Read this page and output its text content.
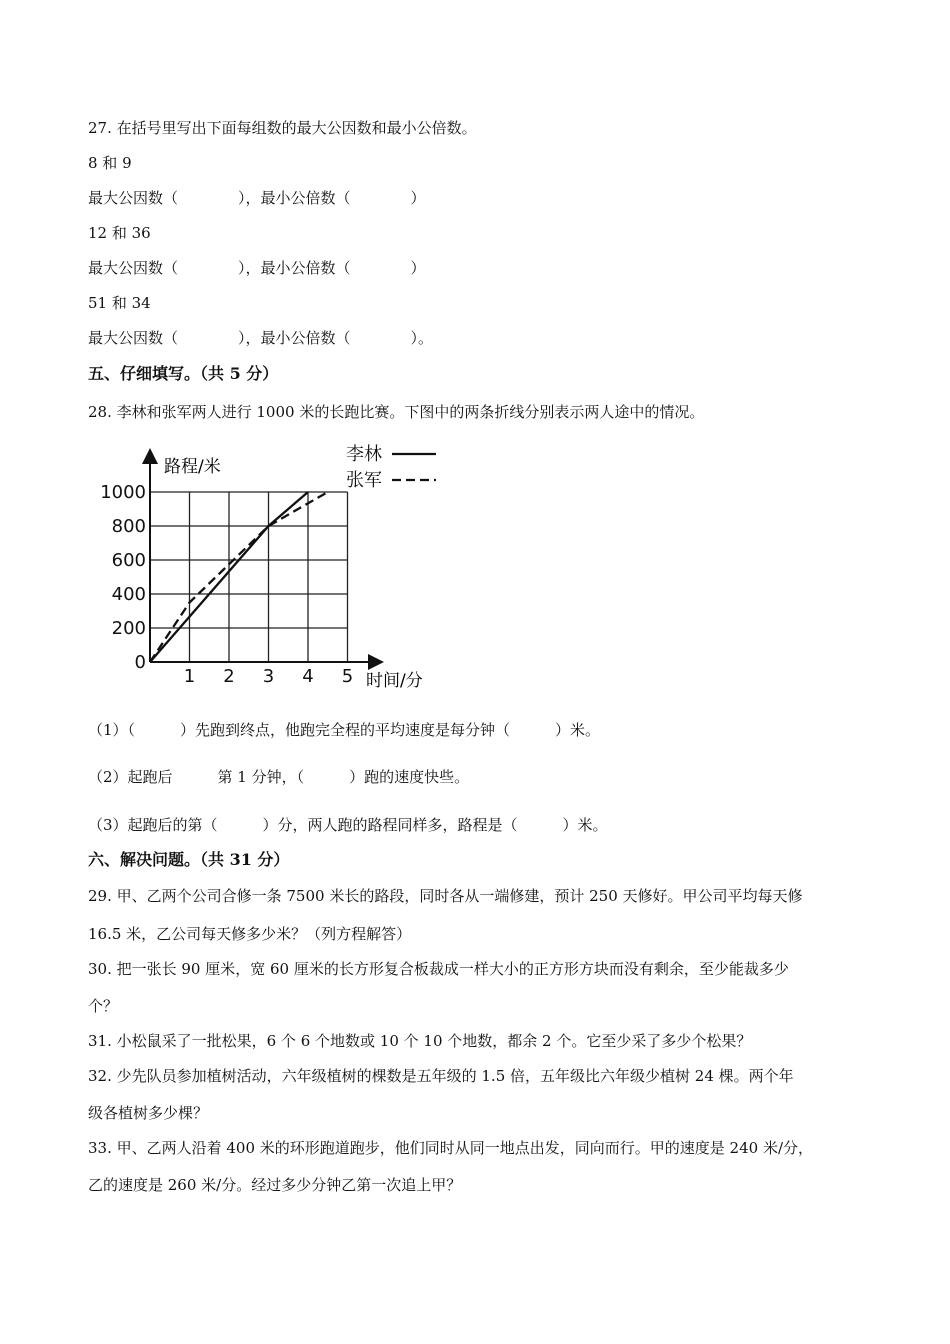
27. 在括号里写出下面每组数的最大公因数和最小公倍数。
8 和 9
最大公因数（　　　　），最小公倍数（　　　　）
12 和 36
最大公因数（　　　　），最小公倍数（　　　　）
51 和 34
最大公因数（　　　　），最小公倍数（　　　　）。
五、仔细填写。（共 5 分）
28. 李林和张军两人进行 1000 米的长跑比赛。下图中的两条折线分别表示两人途中的情况。
路程/米
时间/分
1 2 3 4 5
0
200
400
600
800
1000
李林
张军
（1）（　　　）先跑到终点，他跑完全程的平均速度是每分钟（　　　）米。
（2）起跑后　　　第 1 分钟，（　　　）跑的速度快些。
（3）起跑后的第（　　　）分，两人跑的路程同样多，路程是（　　　）米。
六、解决问题。（共 31 分）
29. 甲、乙两个公司合修一条 7500 米长的路段，同时各从一端修建，预计 250 天修好。甲公司平均每天修
16.5 米，乙公司每天修多少米？（列方程解答）
30. 把一张长 90 厘米，宽 60 厘米的长方形复合板裁成一样大小的正方形方块而没有剩余，至少能裁多少
个？
31. 小松鼠采了一批松果，6 个 6 个地数或 10 个 10 个地数，都余 2 个。它至少采了多少个松果？
32. 少先队员参加植树活动，六年级植树的棵数是五年级的 1.5 倍，五年级比六年级少植树 24 棵。两个年
级各植树多少棵？
33. 甲、乙两人沿着 400 米的环形跑道跑步，他们同时从同一地点出发，同向而行。甲的速度是 240 米/分，
乙的速度是 260 米/分。经过多少分钟乙第一次追上甲？
